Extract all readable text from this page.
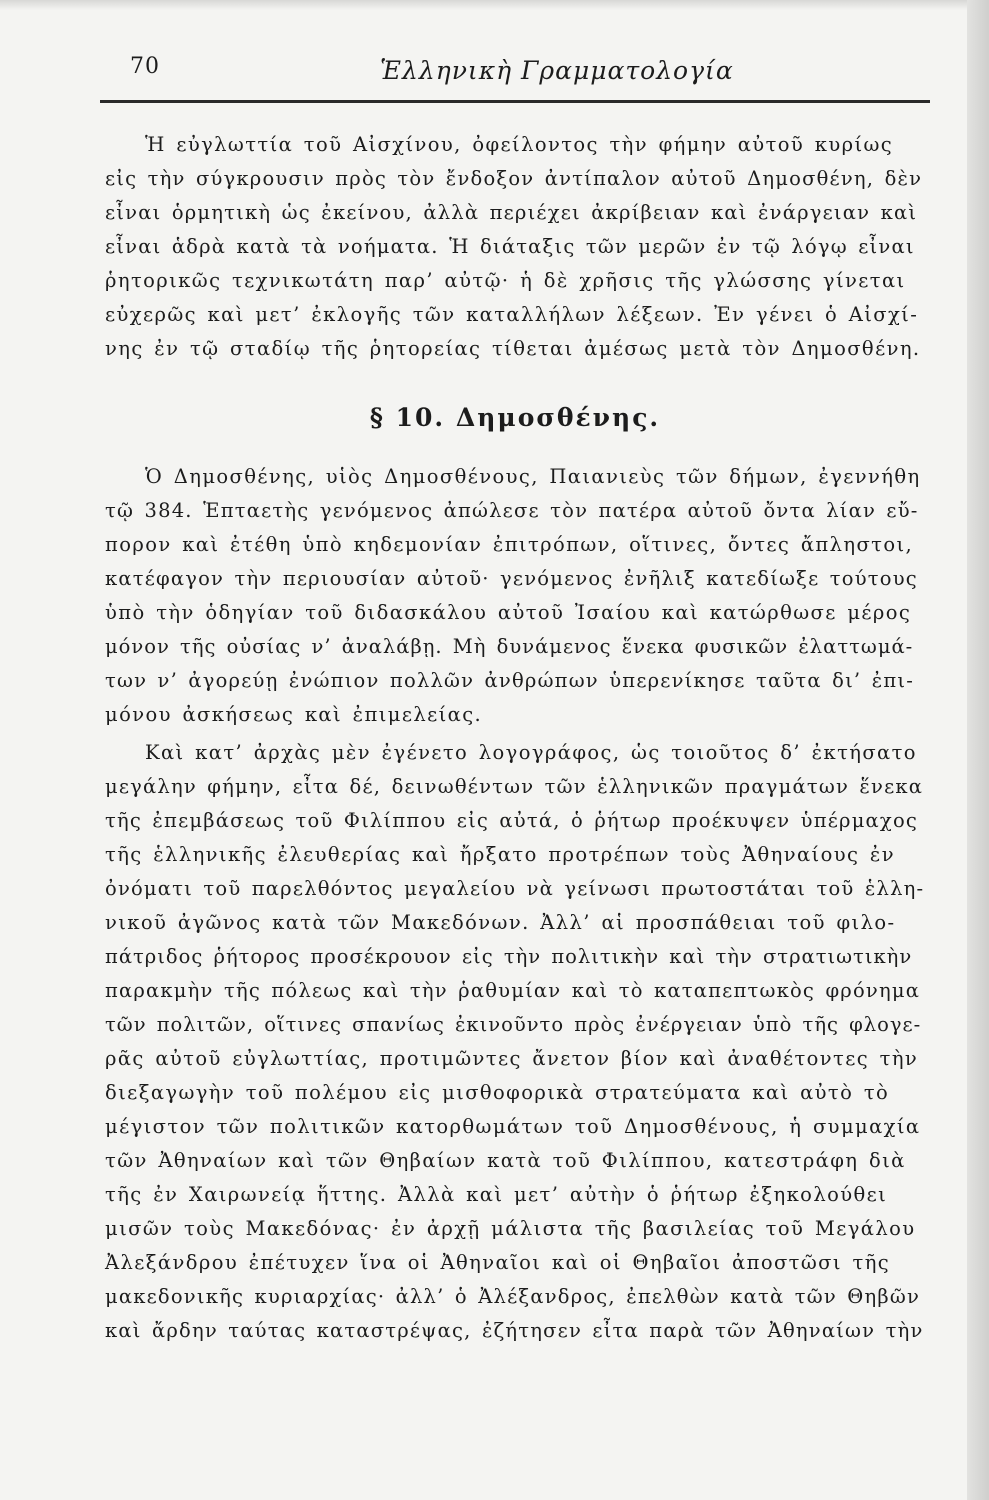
70	Ἑλληνικὴ Γραμματολογία
Ἡ εὐγλωττία τοῦ Αἰσχίνου, ὀφείλοντος τὴν φήμην αὐτοῦ κυρίως
εἰς τὴν σύγκρουσιν πρὸς τὸν ἔνδοξον ἀντίπαλον αὐτοῦ Δημοσθένη, δὲν
εἶναι ὁρμητικὴ ὡς ἐκείνου, ἀλλὰ περιέχει ἀκρίβειαν καὶ ἐνάργειαν καὶ
εἶναι ἁδρὰ κατὰ τὰ νοήματα. Ἡ διάταξις τῶν μερῶν ἐν τῷ λόγῳ εἶναι
ῥητορικῶς τεχνικωτάτη παρ’ αὐτῷ· ἡ δὲ χρῆσις τῆς γλώσσης γίνεται
εὐχερῶς καὶ μετ’ ἐκλογῆς τῶν καταλλήλων λέξεων. Ἐν γένει ὁ Αἰσχί-
νης ἐν τῷ σταδίῳ τῆς ῥητορείας τίθεται ἀμέσως μετὰ τὸν Δημοσθένη.
§ 10. Δημοσθένης.
Ὁ Δημοσθένης, υἱὸς Δημοσθένους, Παιανιεὺς τῶν δήμων, ἐγεννήθη
τῷ 384. Ἑπταετὴς γενόμενος ἀπώλεσε τὸν πατέρα αὐτοῦ ὄντα λίαν εὔ-
πορον καὶ ἐτέθη ὑπὸ κηδεμονίαν ἐπιτρόπων, οἵτινες, ὄντες ἄπληστοι,
κατέφαγον τὴν περιουσίαν αὐτοῦ· γενόμενος ἐνῆλιξ κατεδίωξε τούτους
ὑπὸ τὴν ὁδηγίαν τοῦ διδασκάλου αὐτοῦ Ἰσαίου καὶ κατώρθωσε μέρος
μόνον τῆς οὐσίας ν’ ἀναλάβῃ. Μὴ δυνάμενος ἕνεκα φυσικῶν ἐλαττωμά-
των ν’ ἀγορεύῃ ἐνώπιον πολλῶν ἀνθρώπων ὑπερενίκησε ταῦτα δι’ ἐπι-
μόνου ἀσκήσεως καὶ ἐπιμελείας.
Καὶ κατ’ ἀρχὰς μὲν ἐγένετο λογογράφος, ὡς τοιοῦτος δ’ ἐκτήσατο
μεγάλην φήμην, εἶτα δέ, δεινωθέντων τῶν ἑλληνικῶν πραγμάτων ἕνεκα
τῆς ἐπεμβάσεως τοῦ Φιλίππου εἰς αὐτά, ὁ ῥήτωρ προέκυψεν ὑπέρμαχος
τῆς ἑλληνικῆς ἐλευθερίας καὶ ἤρξατο προτρέπων τοὺς Ἀθηναίους ἐν
ὀνόματι τοῦ παρελθόντος μεγαλείου νὰ γείνωσι πρωτοστάται τοῦ ἑλλη-
νικοῦ ἀγῶνος κατὰ τῶν Μακεδόνων. Ἀλλ’ αἱ προσπάθειαι τοῦ φιλο-
πάτριδος ῥήτορος προσέκρουον εἰς τὴν πολιτικὴν καὶ τὴν στρατιωτικὴν
παρακμὴν τῆς πόλεως καὶ τὴν ῥαθυμίαν καὶ τὸ καταπεπτωκὸς φρόνημα
τῶν πολιτῶν, οἵτινες σπανίως ἐκινοῦντο πρὸς ἐνέργειαν ὑπὸ τῆς φλογε-
ρᾶς αὐτοῦ εὐγλωττίας, προτιμῶντες ἄνετον βίον καὶ ἀναθέτοντες τὴν
διεξαγωγὴν τοῦ πολέμου εἰς μισθοφορικὰ στρατεύματα καὶ αὐτὸ τὸ
μέγιστον τῶν πολιτικῶν κατορθωμάτων τοῦ Δημοσθένους, ἡ συμμαχία
τῶν Ἀθηναίων καὶ τῶν Θηβαίων κατὰ τοῦ Φιλίππου, κατεστράφη διὰ
τῆς ἐν Χαιρωνείᾳ ἥττης. Ἀλλὰ καὶ μετ’ αὐτὴν ὁ ῥήτωρ ἐξηκολούθει
μισῶν τοὺς Μακεδόνας· ἐν ἀρχῇ μάλιστα τῆς βασιλείας τοῦ Μεγάλου
Ἀλεξάνδρου ἐπέτυχεν ἵνα οἱ Ἀθηναῖοι καὶ οἱ Θηβαῖοι ἀποστῶσι τῆς
μακεδονικῆς κυριαρχίας· ἀλλ’ ὁ Ἀλέξανδρος, ἐπελθὼν κατὰ τῶν Θηβῶν
καὶ ἄρδην ταύτας καταστρέψας, ἐζήτησεν εἶτα παρὰ τῶν Ἀθηναίων τὴν
